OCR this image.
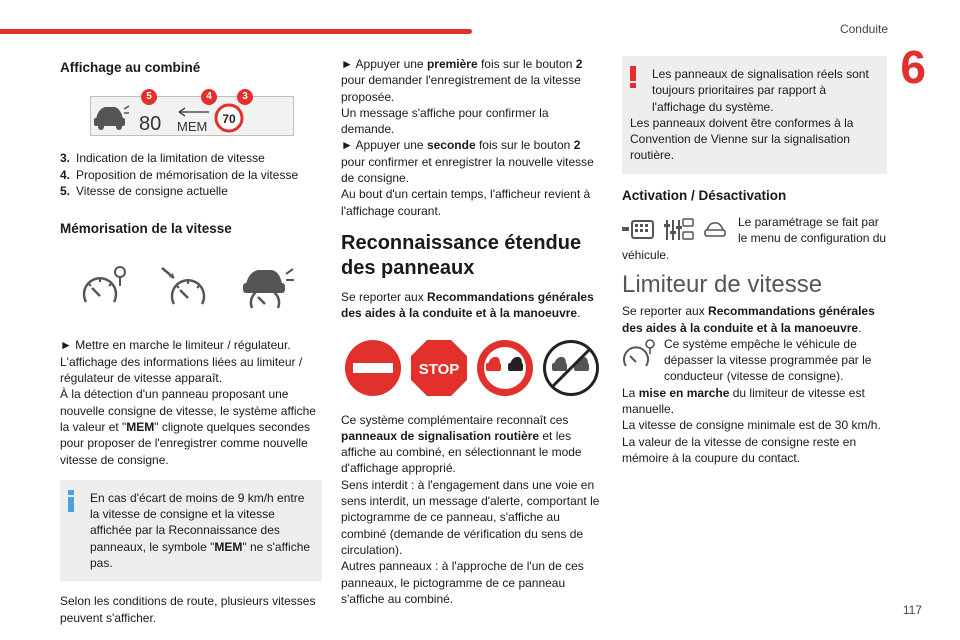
Conduite
6
117
Affichage au combiné
80 MEM 70
5	4	3
3. Indication de la limitation de vitesse
4. Proposition de mémorisation de la vitesse
5. Vitesse de consigne actuelle
Mémorisation de la vitesse

► Mettre en marche le limiteur / régulateur.

L'affichage des informations liées au limiteur / régulateur de vitesse apparaît.

À la détection d'un panneau proposant une nouvelle consigne de vitesse, le système affiche la valeur et "MEM" clignote quelques secondes pour proposer de l'enregistrer comme nouvelle vitesse de consigne.

En cas d'écart de moins de 9 km/h entre la vitesse de consigne et la vitesse affichée par la Reconnaissance des panneaux, le symbole "MEM" ne s'affiche pas.

Selon les conditions de route, plusieurs vitesses peuvent s'afficher.

► Appuyer une première fois sur le bouton 2 pour demander l'enregistrement de la vitesse proposée.

Un message s'affiche pour confirmer la demande.

► Appuyer une seconde fois sur le bouton 2 pour confirmer et enregistrer la nouvelle vitesse de consigne.

Au bout d'un certain temps, l'afficheur revient à l'affichage courant.

Reconnaissance étendue des panneaux

Se reporter aux Recommandations générales des aides à la conduite et à la manoeuvre.

STOP

Ce système complémentaire reconnaît ces panneaux de signalisation routière et les affiche au combiné, en sélectionnant le mode d'affichage approprié.

Sens interdit : à l'engagement dans une voie en sens interdit, un message d'alerte, comportant le pictogramme de ce panneau, s'affiche au combiné (demande de vérification du sens de circulation).

Autres panneaux : à l'approche de l'un de ces panneaux, le pictogramme de ce panneau s'affiche au combiné.

Les panneaux de signalisation réels sont toujours prioritaires par rapport à l'affichage du système.

Les panneaux doivent être conformes à la Convention de Vienne sur la signalisation routière.

Activation / Désactivation

Le paramétrage se fait par le menu de configuration du véhicule.

Limiteur de vitesse

Se reporter aux Recommandations générales des aides à la conduite et à la manoeuvre.

Ce système empêche le véhicule de dépasser la vitesse programmée par le conducteur (vitesse de consigne).

La mise en marche du limiteur de vitesse est manuelle.

La vitesse de consigne minimale est de 30 km/h.

La valeur de la vitesse de consigne reste en mémoire à la coupure du contact.
